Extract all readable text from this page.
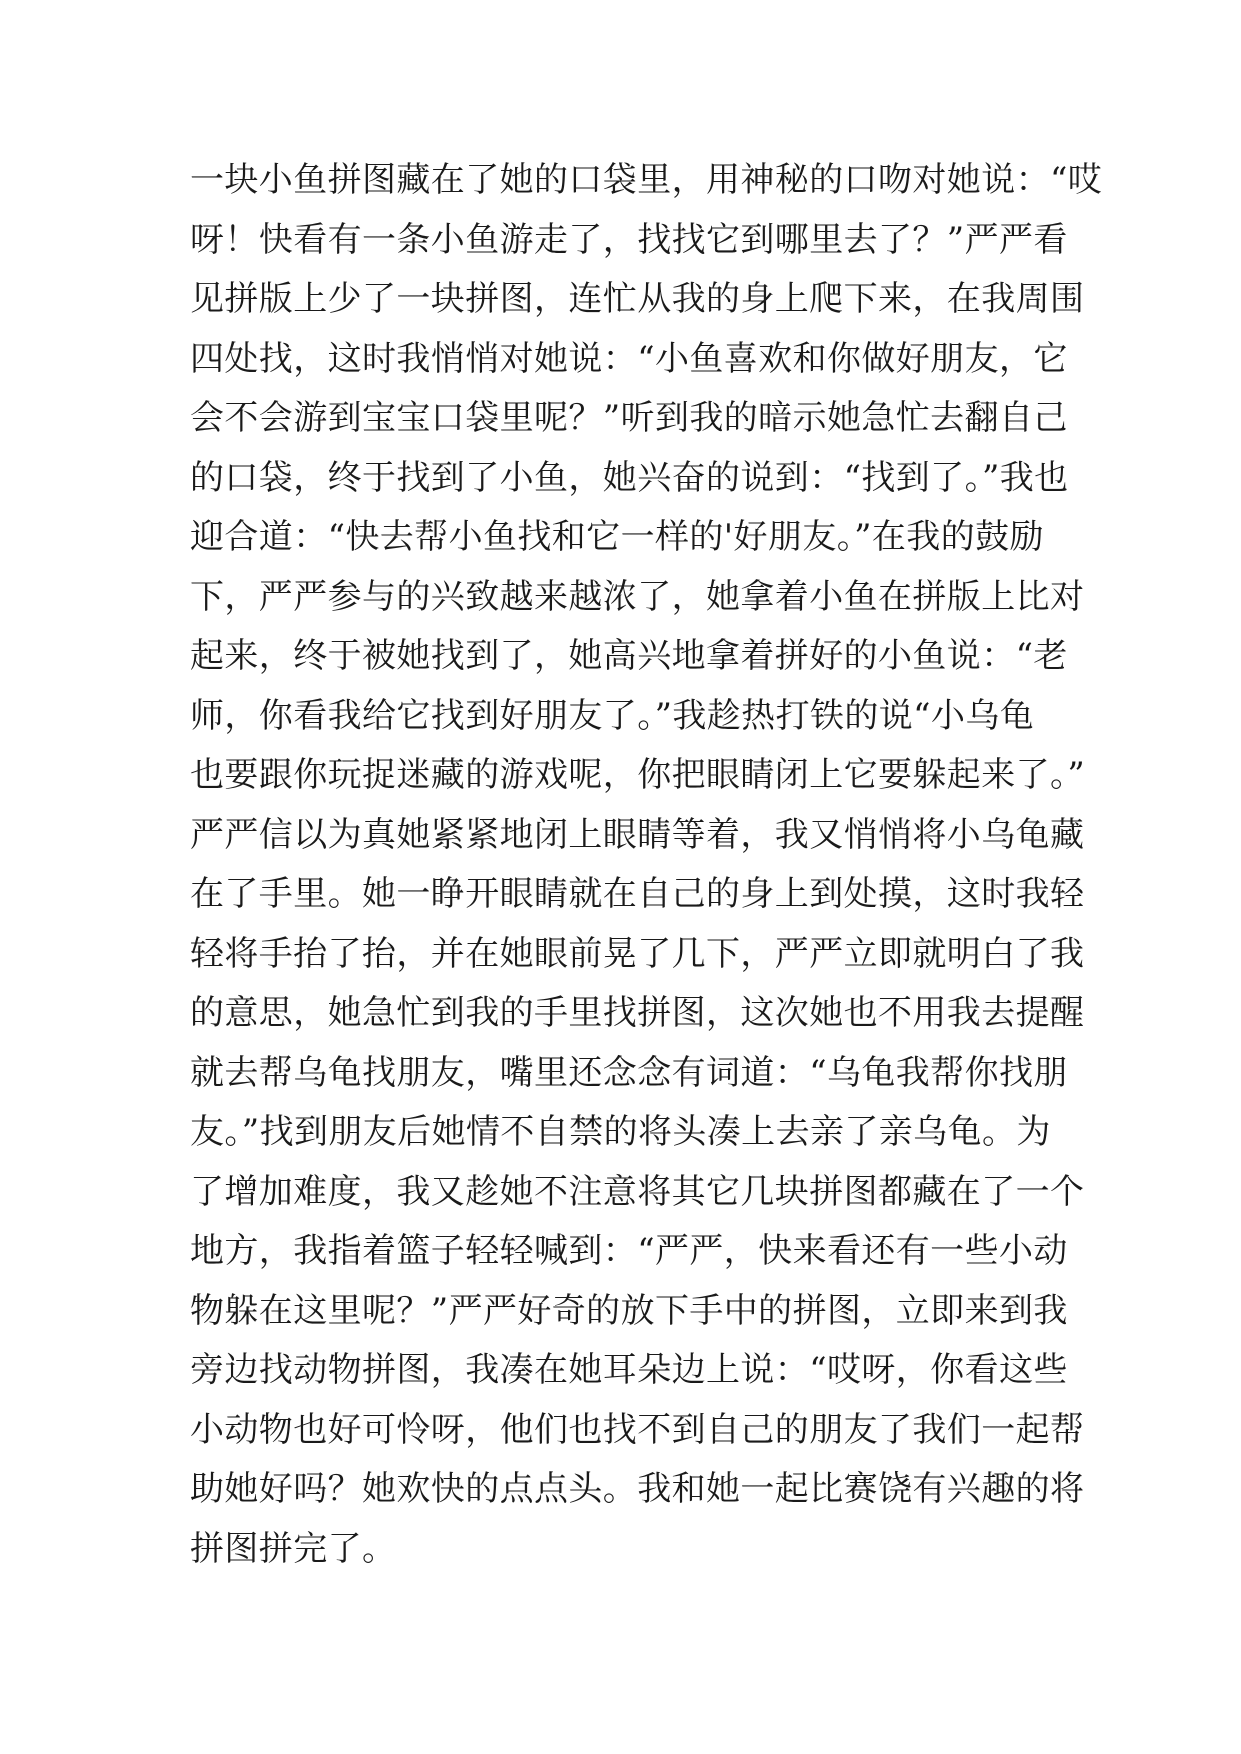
一块小鱼拼图藏在了她的口袋里，用神秘的口吻对她说：“哎
呀！快看有一条小鱼游走了，找找它到哪里去了？”严严看
见拼版上少了一块拼图，连忙从我的身上爬下来，在我周围
四处找，这时我悄悄对她说：“小鱼喜欢和你做好朋友，它
会不会游到宝宝口袋里呢？”听到我的暗示她急忙去翻自己
的口袋，终于找到了小鱼，她兴奋的说到：“找到了。”我也
迎合道：“快去帮小鱼找和它一样的'好朋友。”在我的鼓励
下，严严参与的兴致越来越浓了，她拿着小鱼在拼版上比对
起来，终于被她找到了，她高兴地拿着拼好的小鱼说：“老
师，你看我给它找到好朋友了。”我趁热打铁的说“小乌龟
也要跟你玩捉迷藏的游戏呢，你把眼睛闭上它要躲起来了。”
严严信以为真她紧紧地闭上眼睛等着，我又悄悄将小乌龟藏
在了手里。她一睁开眼睛就在自己的身上到处摸，这时我轻
轻将手抬了抬，并在她眼前晃了几下，严严立即就明白了我
的意思，她急忙到我的手里找拼图，这次她也不用我去提醒
就去帮乌龟找朋友，嘴里还念念有词道：“乌龟我帮你找朋
友。”找到朋友后她情不自禁的将头凑上去亲了亲乌龟。为
了增加难度，我又趁她不注意将其它几块拼图都藏在了一个
地方，我指着篮子轻轻喊到：“严严，快来看还有一些小动
物躲在这里呢？”严严好奇的放下手中的拼图，立即来到我
旁边找动物拼图，我凑在她耳朵边上说：“哎呀，你看这些
小动物也好可怜呀，他们也找不到自己的朋友了我们一起帮
助她好吗？她欢快的点点头。我和她一起比赛饶有兴趣的将
拼图拼完了。
